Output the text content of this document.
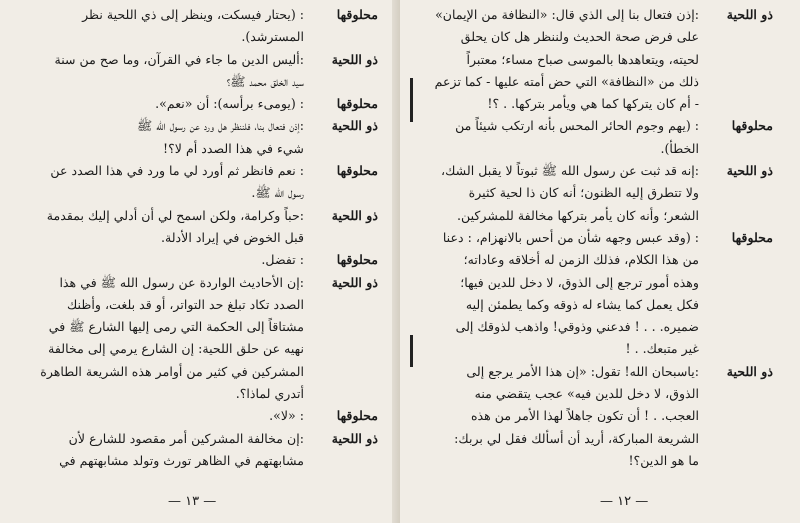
محلوقها
: (يحتار فيسكت، وينظر إلى ذي اللحية نظر
المسترشد).
ذو اللحية
:أليس الدين ما جاء في القرآن، وما صح من سنة
سيد الخلق محمد ﷺ؟
محلوقها
: (يومىء برأسه): أن «نعم».
ذو اللحية
:إذن فتعال بنا، فلننظر هل ورد عن رسول الله ﷺ
شيء في هذا الصدد أم لا؟!
محلوقها
: نعم فانظر ثم أورد لي ما ورد في هذا الصدد عن
رسول الله ﷺ.
ذو اللحية
:حباً وكرامة، ولكن اسمح لي أن أدلي إليك بمقدمة
قبل الخوض في إيراد الأدلة.
محلوقها
: تفضل.
ذو اللحية
:إن الأحاديث الواردة عن رسول الله ﷺ في هذا
الصدد تكاد تبلغ حد التواتر، أو قد بلغت، وأظنك
مشتاقاً إلى الحكمة التي رمى إليها الشارع ﷺ في
نهيه عن حلق اللحية: إن الشارع يرمي إلى مخالفة
المشركين في كثير من أوامر هذه الشريعة الطاهرة
أتدري لماذا؟.
محلوقها
: «لا».
ذو اللحية
:إن مخالفة المشركين أمر مقصود للشارع لأن
مشابهتهم في الظاهر تورث وتولد مشابهتهم في
— ١٣ —
ذو اللحية
:إذن فتعال بنا إلى الذي قال: «النظافة من الإيمان»
على فرض صحة الحديث ولننظر هل كان يحلق
لحيته، ويتعاهدها بالموسى صباح مساء؛ معتبراً
ذلك من «النظافة» التي حض أمته عليها - كما تزعم
- أم كان يتركها كما هي ويأمر بتركها. . ؟!
محلوقها
: (يهم وجوم الحائر المحس بأنه ارتكب شيئاً من
الخطأ).
ذو اللحية
:إنه قد ثبت عن رسول الله ﷺ ثبوتاً لا يقبل الشك،
ولا تتطرق إليه الظنون؛ أنه كان ذا لحية كثيرة
الشعر؛ وأنه كان يأمر بتركها مخالفة للمشركين.
محلوقها
: (وقد عبس وجهه شأن من أحس بالانهزام، : دعنا
من هذا الكلام، فذلك الزمن له أخلاقه وعاداته؛
وهذه أمور ترجع إلى الذوق، لا دخل للدين فيها؛
فكل يعمل كما يشاء له ذوقه وكما يطمئن إليه
ضميره. . . ! فدعني وذوقي! واذهب لذوقك إلى
غير متبعك. . !
ذو اللحية
:ياسبحان الله! تقول: «إن هذا الأمر يرجع إلى
الذوق، لا دخل للدين فيه» عجب يتقضي منه
العجب. . ! أن تكون جاهلاً لهذا الأمر من هذه
الشريعة المباركة، أريد أن أسألك فقل لي بربك:
ما هو الدين؟!
— ١٢ —
